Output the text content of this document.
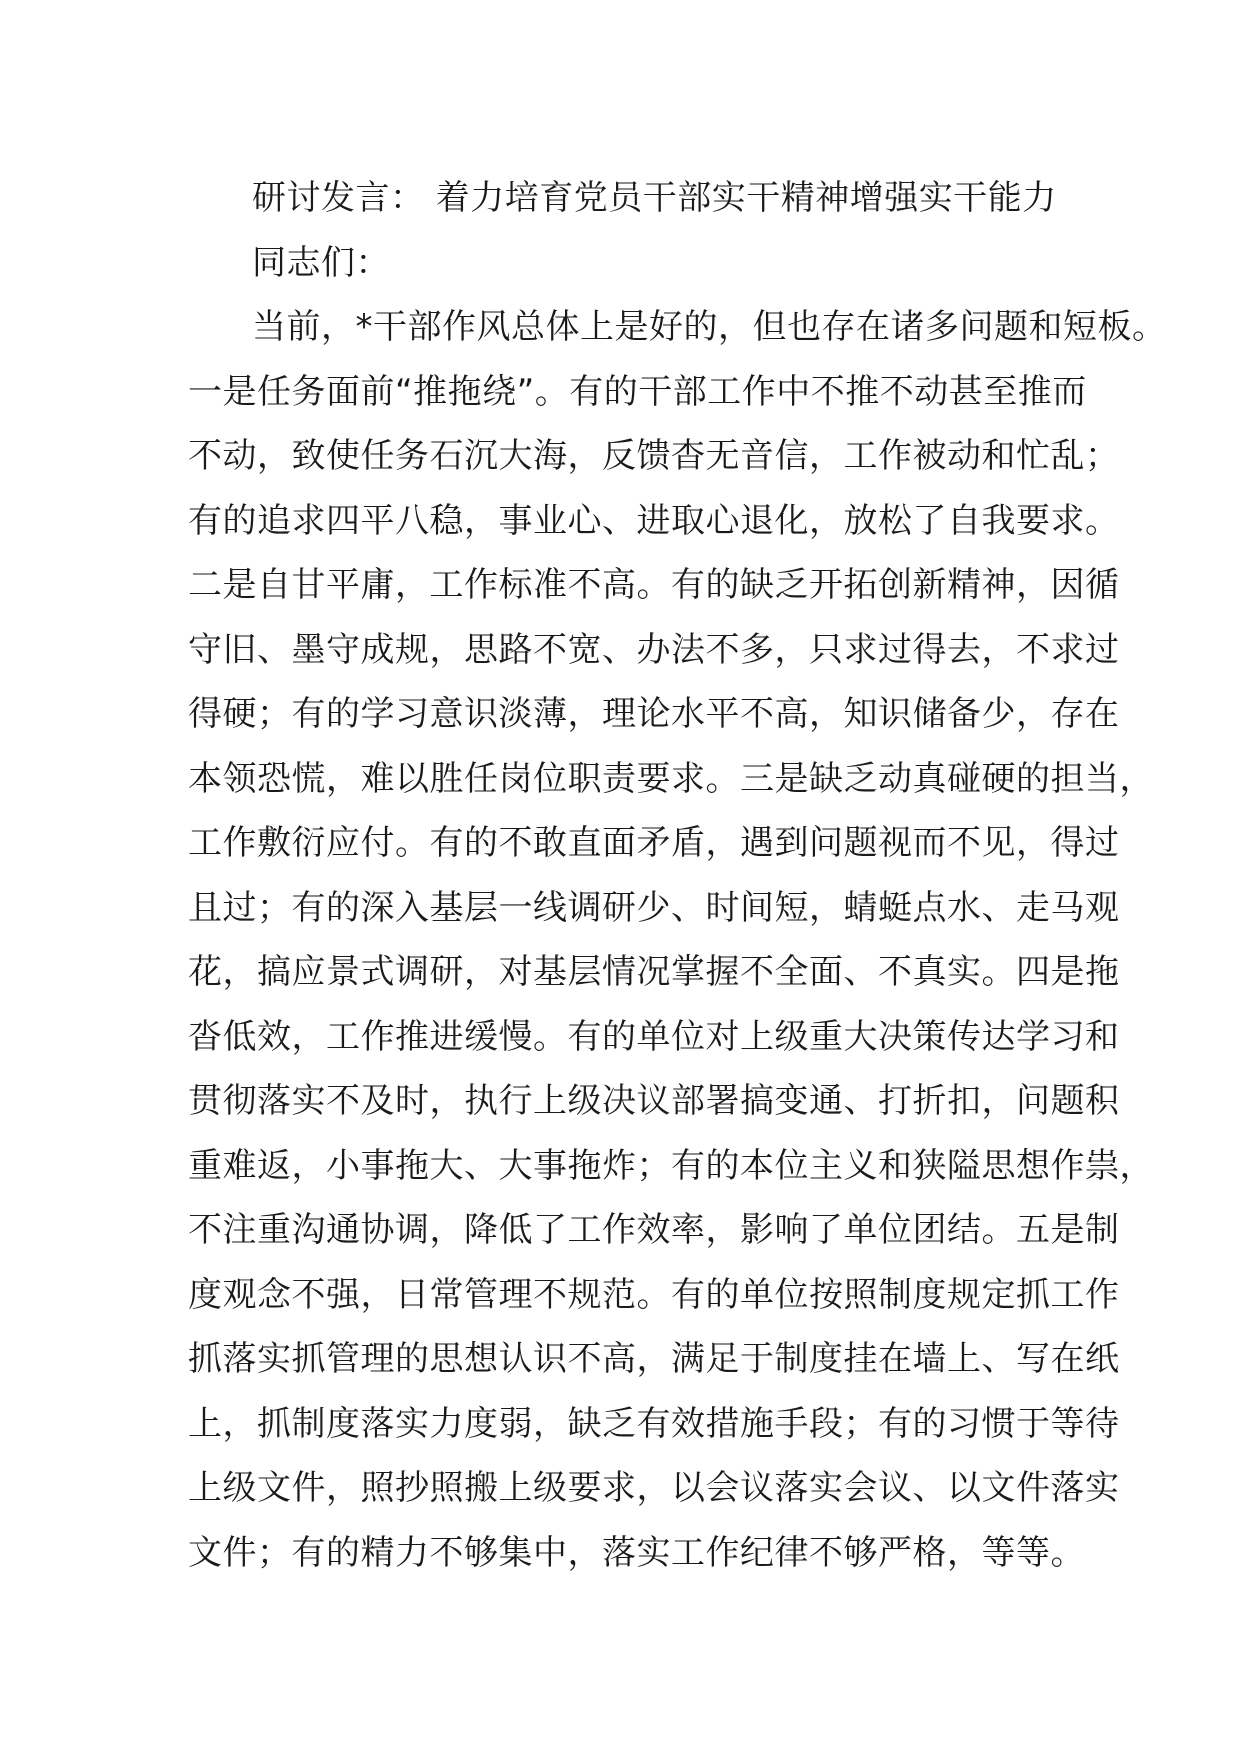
研讨发言： 着力培育党员干部实干精神增强实干能力
同志们：
当前，*干部作风总体上是好的，但也存在诸多问题和短板。
一是任务面前“推拖绕”。有的干部工作中不推不动甚至推而
不动，致使任务石沉大海，反馈杳无音信，工作被动和忙乱；
有的追求四平八稳，事业心、进取心退化，放松了自我要求。
二是自甘平庸，工作标准不高。有的缺乏开拓创新精神，因循
守旧、墨守成规，思路不宽、办法不多，只求过得去，不求过
得硬；有的学习意识淡薄，理论水平不高，知识储备少，存在
本领恐慌，难以胜任岗位职责要求。三是缺乏动真碰硬的担当，
工作敷衍应付。有的不敢直面矛盾，遇到问题视而不见，得过
且过；有的深入基层一线调研少、时间短，蜻蜓点水、走马观
花，搞应景式调研，对基层情况掌握不全面、不真实。四是拖
沓低效，工作推进缓慢。有的单位对上级重大决策传达学习和
贯彻落实不及时，执行上级决议部署搞变通、打折扣，问题积
重难返，小事拖大、大事拖炸；有的本位主义和狭隘思想作祟，
不注重沟通协调，降低了工作效率，影响了单位团结。五是制
度观念不强，日常管理不规范。有的单位按照制度规定抓工作
抓落实抓管理的思想认识不高，满足于制度挂在墙上、写在纸
上，抓制度落实力度弱，缺乏有效措施手段；有的习惯于等待
上级文件，照抄照搬上级要求，以会议落实会议、以文件落实
文件；有的精力不够集中，落实工作纪律不够严格，等等。
